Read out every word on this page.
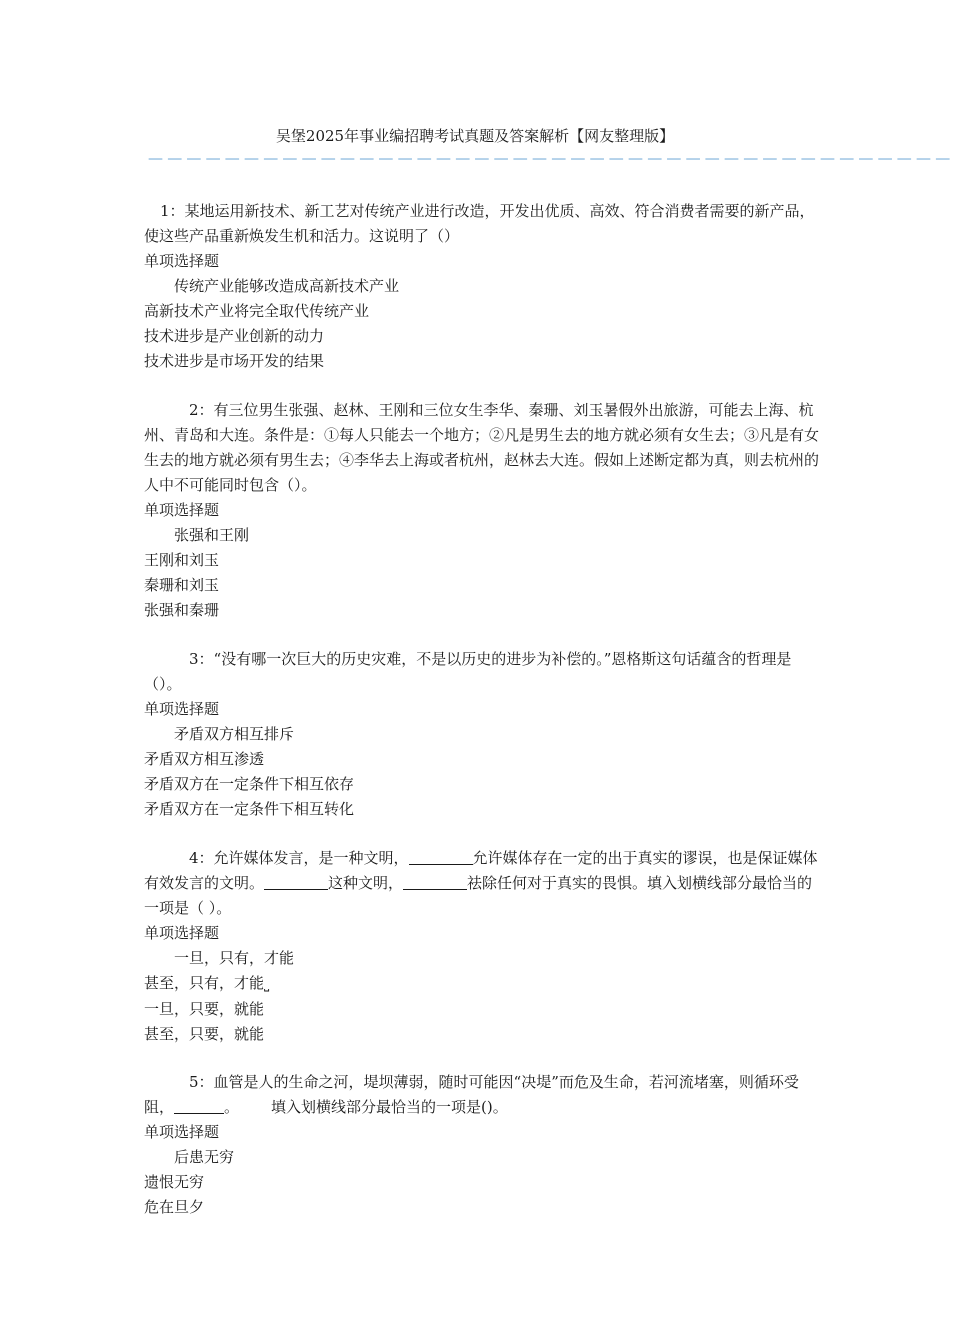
吴堡2025年事业编招聘考试真题及答案解析【网友整理版】
——————————————————————————————————————————

1：某地运用新技术、新工艺对传统产业进行改造，开发出优质、高效、符合消费者需要的新产品，使这些产品重新焕发生机和活力。这说明了（）

单项选择题

传统产业能够改造成高新技术产业

高新技术产业将完全取代传统产业

技术进步是产业创新的动力

技术进步是市场开发的结果

2：有三位男生张强、赵林、王刚和三位女生李华、秦珊、刘玉暑假外出旅游，可能去上海、杭州、青岛和大连。条件是：①每人只能去一个地方；②凡是男生去的地方就必须有女生去；③凡是有女生去的地方就必须有男生去；④李华去上海或者杭州，赵林去大连。假如上述断定都为真，则去杭州的人中不可能同时包含（）。

单项选择题

张强和王刚

王刚和刘玉

秦珊和刘玉

张强和秦珊

3：“没有哪一次巨大的历史灾难，不是以历史的进步为补偿的。”恩格斯这句话蕴含的哲理是（）。

单项选择题

矛盾双方相互排斥

矛盾双方相互渗透

矛盾双方在一定条件下相互依存

矛盾双方在一定条件下相互转化

4：允许媒体发言，是一种文明，	允许媒体存在一定的出于真实的谬误，也是保证媒体有效发言的文明。	这种文明，	祛除任何对于真实的畏惧。填入划横线部分最恰当的一项是（ ）。

单项选择题

一旦，只有，才能

甚至，只有，才能⎵

一旦，只要，就能

甚至，只要，就能

5：血管是人的生命之河，堤坝薄弱，随时可能因“决堤”而危及生命，若河流堵塞，则循环受阻，	。 填入划横线部分最恰当的一项是()。

单项选择题

后患无穷

遗恨无穷

危在旦夕
